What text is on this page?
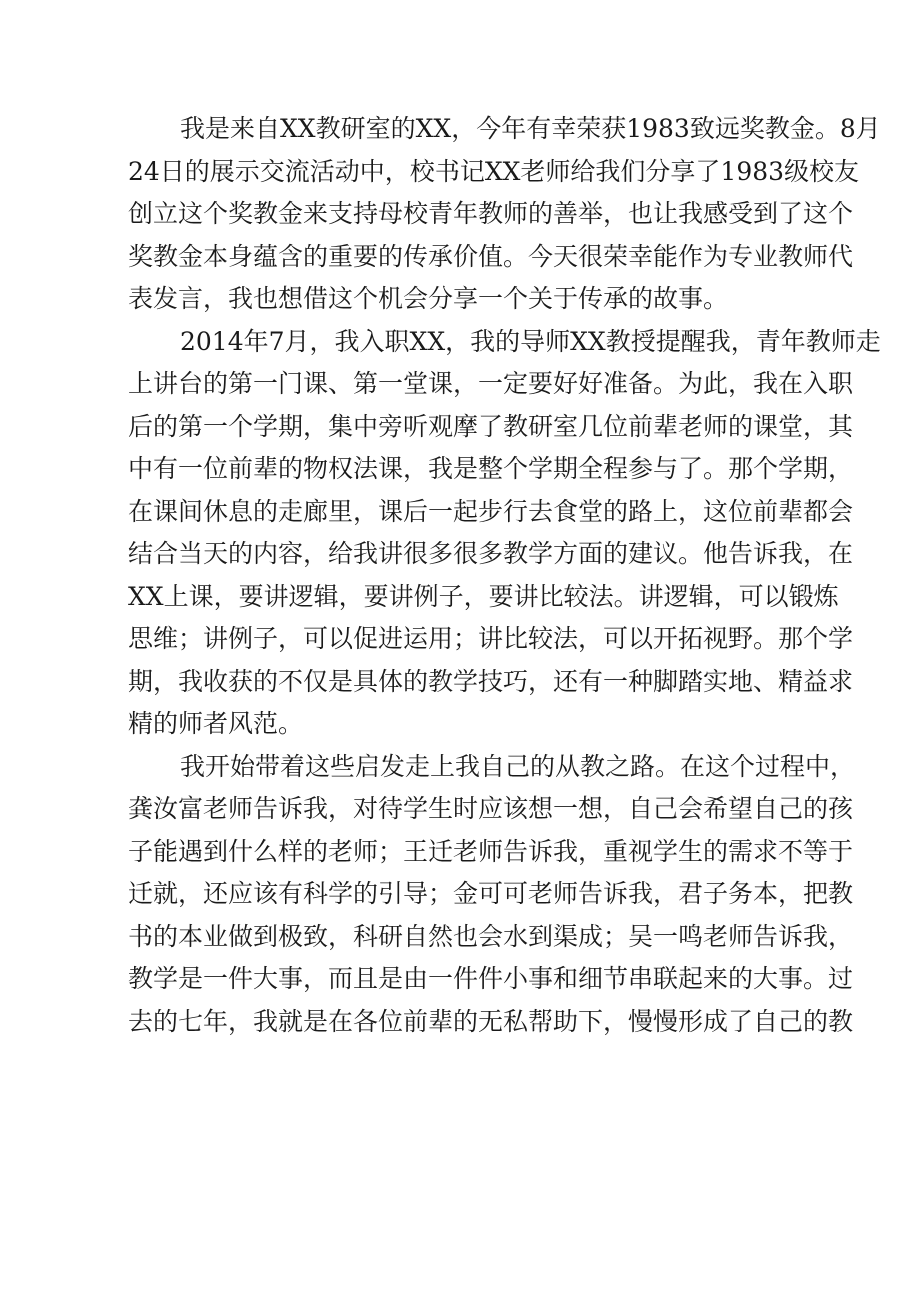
我是来自XX教研室的XX，今年有幸荣获1983致远奖教金。8月
24日的展示交流活动中，校书记XX老师给我们分享了1983级校友
创立这个奖教金来支持母校青年教师的善举，也让我感受到了这个
奖教金本身蕴含的重要的传承价值。今天很荣幸能作为专业教师代
表发言，我也想借这个机会分享一个关于传承的故事。
2014年7月，我入职XX，我的导师XX教授提醒我，青年教师走
上讲台的第一门课、第一堂课，一定要好好准备。为此，我在入职
后的第一个学期，集中旁听观摩了教研室几位前辈老师的课堂，其
中有一位前辈的物权法课，我是整个学期全程参与了。那个学期，
在课间休息的走廊里，课后一起步行去食堂的路上，这位前辈都会
结合当天的内容，给我讲很多很多教学方面的建议。他告诉我，在
XX上课，要讲逻辑，要讲例子，要讲比较法。讲逻辑，可以锻炼
思维；讲例子，可以促进运用；讲比较法，可以开拓视野。那个学
期，我收获的不仅是具体的教学技巧，还有一种脚踏实地、精益求
精的师者风范。
我开始带着这些启发走上我自己的从教之路。在这个过程中，
龚汝富老师告诉我，对待学生时应该想一想，自己会希望自己的孩
子能遇到什么样的老师；王迁老师告诉我，重视学生的需求不等于
迁就，还应该有科学的引导；金可可老师告诉我，君子务本，把教
书的本业做到极致，科研自然也会水到渠成；吴一鸣老师告诉我，
教学是一件大事，而且是由一件件小事和细节串联起来的大事。过
去的七年，我就是在各位前辈的无私帮助下，慢慢形成了自己的教
